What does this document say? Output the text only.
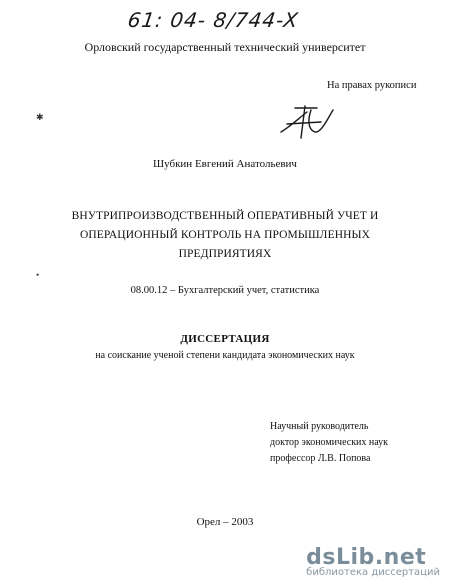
61: 04- 8/744-X
Орловский государственный технический университет
На правах рукописи
✱
•
Шубкин Евгений Анатольевич
ВНУТРИПРОИЗВОДСТВЕННЫЙ ОПЕРАТИВНЫЙ УЧЕТ И
ОПЕРАЦИОННЫЙ КОНТРОЛЬ НА ПРОМЫШЛЕННЫХ
ПРЕДПРИЯТИЯХ
08.00.12 – Бухгалтерский учет, статистика
ДИССЕРТАЦИЯ
на соискание ученой степени кандидата экономических наук
Научный руководитель
доктор экономических наук
профессор Л.В. Попова
Орел – 2003
dsLib.net
библиотека диссертаций
